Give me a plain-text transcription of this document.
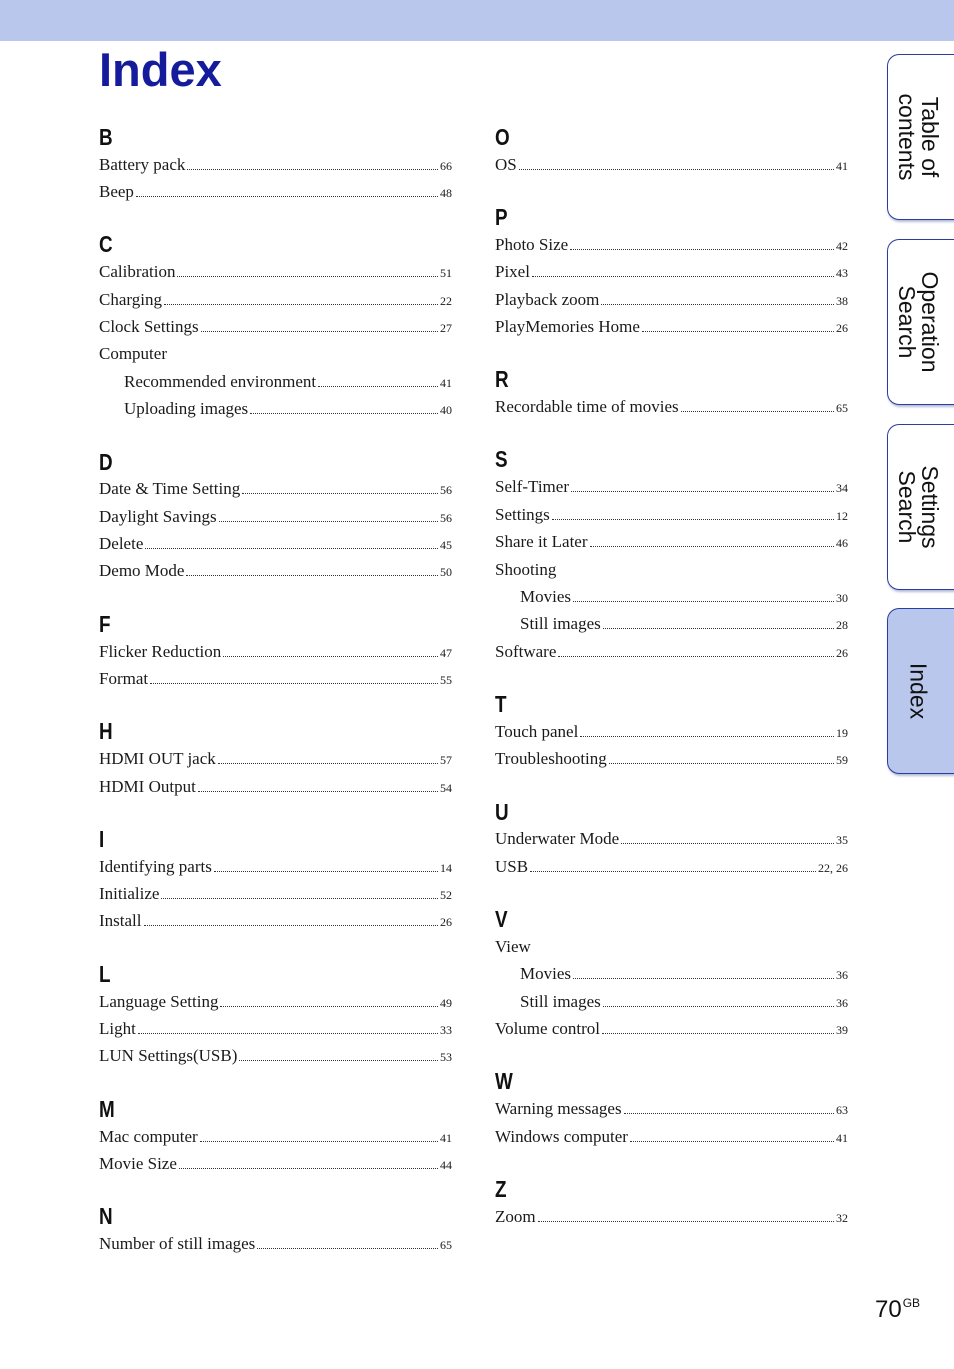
Index
B
Battery pack	66
Beep	48
C
Calibration	51
Charging	22
Clock Settings	27
Computer
Recommended environment	41
Uploading images	40
D
Date & Time Setting	56
Daylight Savings	56
Delete	45
Demo Mode	50
F
Flicker Reduction	47
Format	55
H
HDMI OUT jack	57
HDMI Output	54
I
Identifying parts	14
Initialize	52
Install	26
L
Language Setting	49
Light	33
LUN Settings(USB)	53
M
Mac computer	41
Movie Size	44
N
Number of still images	65
O
OS	41
P
Photo Size	42
Pixel	43
Playback zoom	38
PlayMemories Home	26
R
Recordable time of movies	65
S
Self-Timer	34
Settings	12
Share it Later	46
Shooting
Movies	30
Still images	28
Software	26
T
Touch panel	19
Troubleshooting	59
U
Underwater Mode	35
USB	22, 26
V
View
Movies	36
Still images	36
Volume control	39
W
Warning messages	63
Windows computer	41
Z
Zoom	32
Table of
contents
Operation
Search
Settings
Search
Index
$70^{GB}$
